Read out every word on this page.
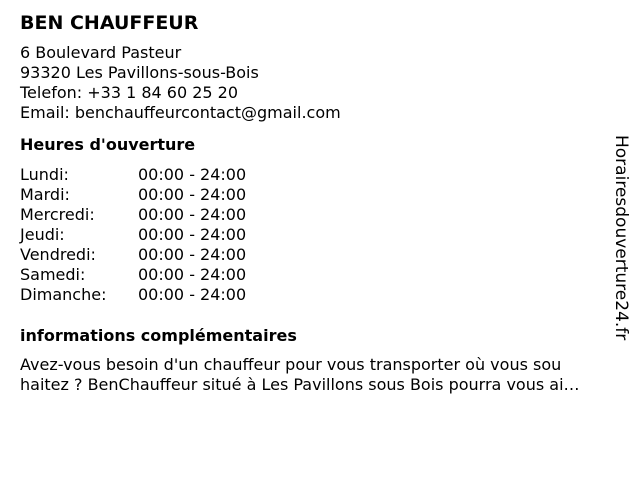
BEN CHAUFFEUR
6 Boulevard Pasteur
93320 Les Pavillons-sous-Bois
Telefon: +33 1 84 60 25 20
Email: benchauffeurcontact@gmail.com
Heures d'ouverture
Lundi:	00:00 - 24:00
Mardi:	00:00 - 24:00
Mercredi:	00:00 - 24:00
Jeudi:	00:00 - 24:00
Vendredi:	00:00 - 24:00
Samedi:	00:00 - 24:00
Dimanche:	00:00 - 24:00
informations complémentaires
Avez-vous besoin d'un chauffeur pour vous transporter où vous sou
haitez ? BenChauffeur situé à Les Pavillons sous Bois pourra vous ai…
Horairesdouverture24.fr
